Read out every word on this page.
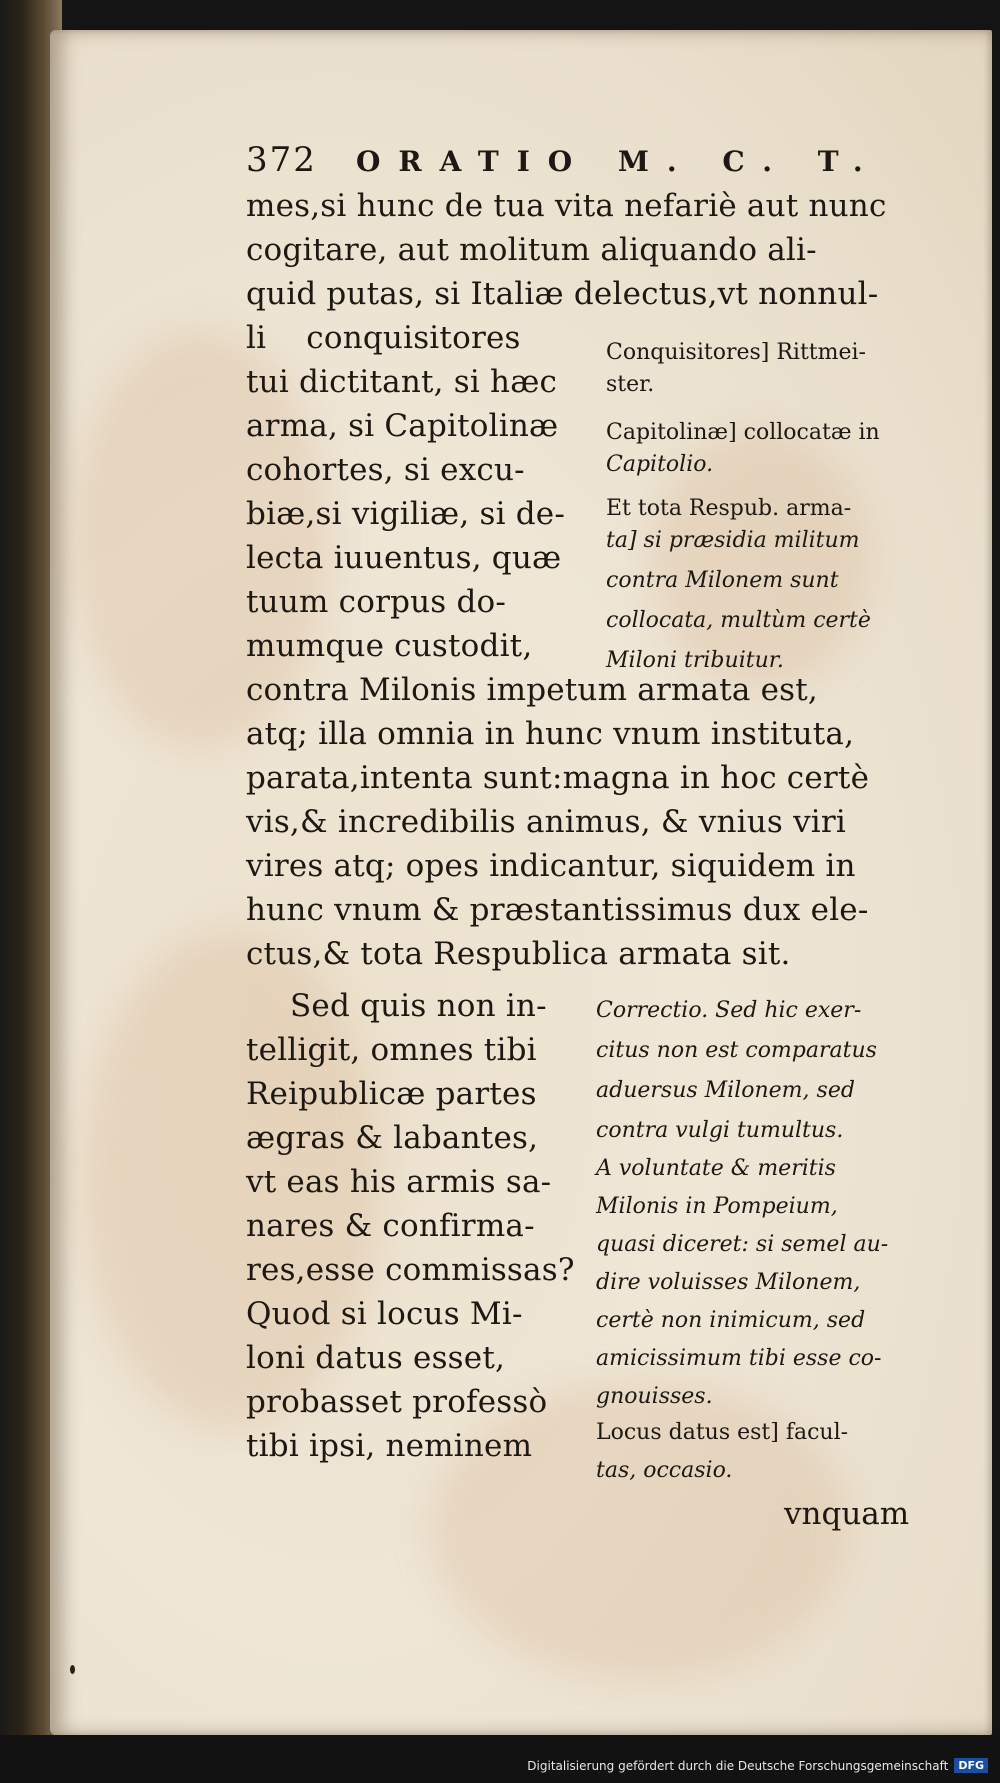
372	ORATIO M. C. T.
mes,si hunc de tua vita nefariè aut nunc
cogitare, aut molitum aliquando ali-
quid putas, si Italiæ delectus,vt nonnul-
li conquisitores
tui dictitant, si hæc
arma, si Capitolinæ
cohortes, si excu-
biæ,si vigiliæ, si de-
lecta iuuentus, quæ
tuum corpus do-
mumque custodit,
contra Milonis impetum armata est,
atq; illa omnia in hunc vnum instituta,
parata,intenta sunt:magna in hoc certè
vis,& incredibilis animus, & vnius viri
vires atq; opes indicantur, siquidem in
hunc vnum & præstantissimus dux ele-
ctus,& tota Respublica armata sit.
Sed quis non in-
telligit, omnes tibi
Reipublicæ partes
ægras & labantes,
vt eas his armis sa-
nares & confirma-
res,esse commissas?
Quod si locus Mi-
loni datus esset,
probasset professò
tibi ipsi, neminem
Conquisitores] Rittmei-
ster.
Capitolinæ] collocatæ in
Capitolio.
Et tota Respub. arma-
ta] si præsidia militum
contra Milonem sunt
collocata, multùm certè
Miloni tribuitur.
Correctio. Sed hic exer-
citus non est comparatus
aduersus Milonem, sed
contra vulgi tumultus.
A voluntate & meritis
Milonis in Pompeium,
quasi diceret: si semel au-
dire voluisses Milonem,
certè non inimicum, sed
amicissimum tibi esse co-
gnouisses.
Locus datus est] facul-
tas, occasio.
vnquam
Digitalisierung gefördert durch die Deutsche Forschungsgemeinschaft DFG
